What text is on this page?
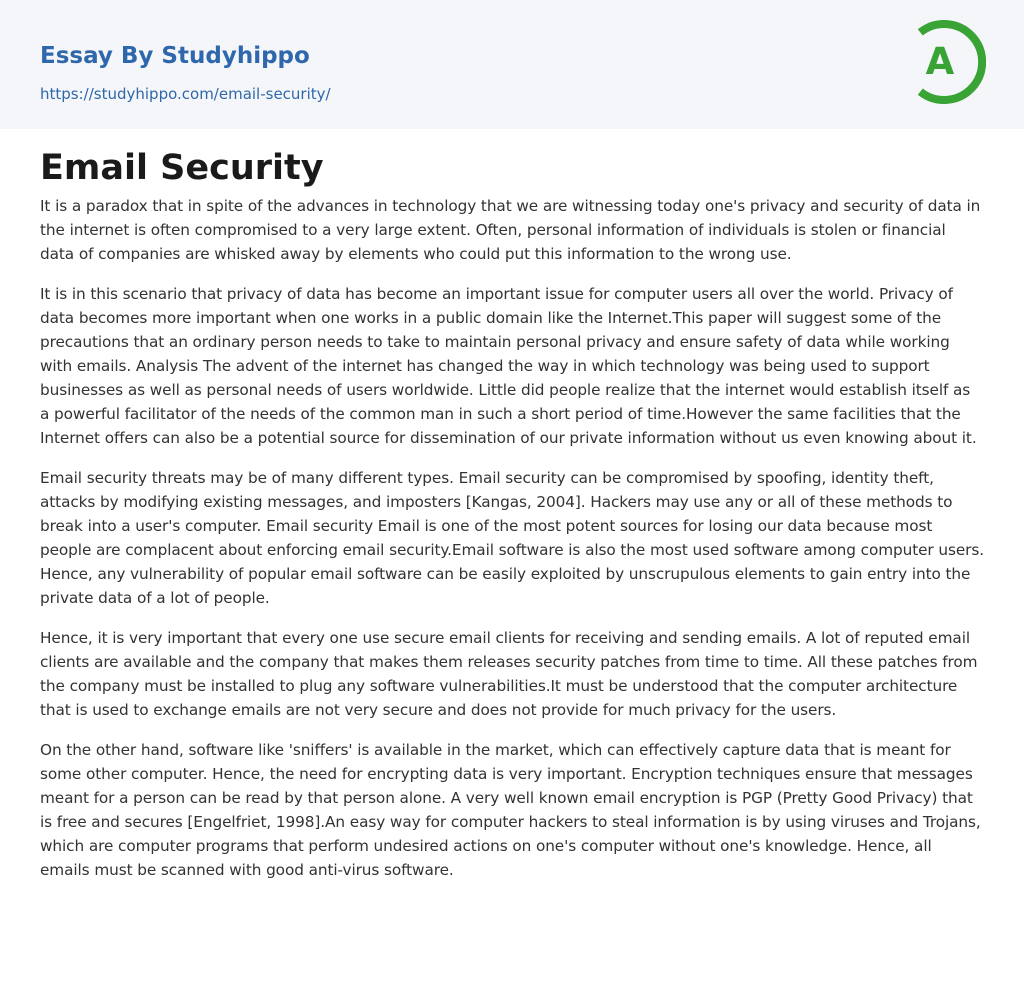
Essay By Studyhippo
https://studyhippo.com/email-security/
A
Email Security

It is a paradox that in spite of the advances in technology that we are witnessing today one's privacy and security of data in the internet is often compromised to a very large extent. Often, personal information of individuals is stolen or financial data of companies are whisked away by elements who could put this information to the wrong use.

It is in this scenario that privacy of data has become an important issue for computer users all over the world. Privacy of data becomes more important when one works in a public domain like the Internet.This paper will suggest some of the precautions that an ordinary person needs to take to maintain personal privacy and ensure safety of data while working with emails. Analysis The advent of the internet has changed the way in which technology was being used to support businesses as well as personal needs of users worldwide. Little did people realize that the internet would establish itself as a powerful facilitator of the needs of the common man in such a short period of time.However the same facilities that the Internet offers can also be a potential source for dissemination of our private information without us even knowing about it.

Email security threats may be of many different types. Email security can be compromised by spoofing, identity theft, attacks by modifying existing messages, and imposters [Kangas, 2004]. Hackers may use any or all of these methods to break into a user's computer. Email security Email is one of the most potent sources for losing our data because most people are complacent about enforcing email security.Email software is also the most used software among computer users. Hence, any vulnerability of popular email software can be easily exploited by unscrupulous elements to gain entry into the private data of a lot of people.

Hence, it is very important that every one use secure email clients for receiving and sending emails. A lot of reputed email clients are available and the company that makes them releases security patches from time to time. All these patches from the company must be installed to plug any software vulnerabilities.It must be understood that the computer architecture that is used to exchange emails are not very secure and does not provide for much privacy for the users.

On the other hand, software like 'sniffers' is available in the market, which can effectively capture data that is meant for some other computer. Hence, the need for encrypting data is very important. Encryption techniques ensure that messages meant for a person can be read by that person alone. A very well known email encryption is PGP (Pretty Good Privacy) that is free and secures [Engelfriet, 1998].An easy way for computer hackers to steal information is by using viruses and Trojans, which are computer programs that perform undesired actions on one's computer without one's knowledge. Hence, all emails must be scanned with good anti-virus software.
